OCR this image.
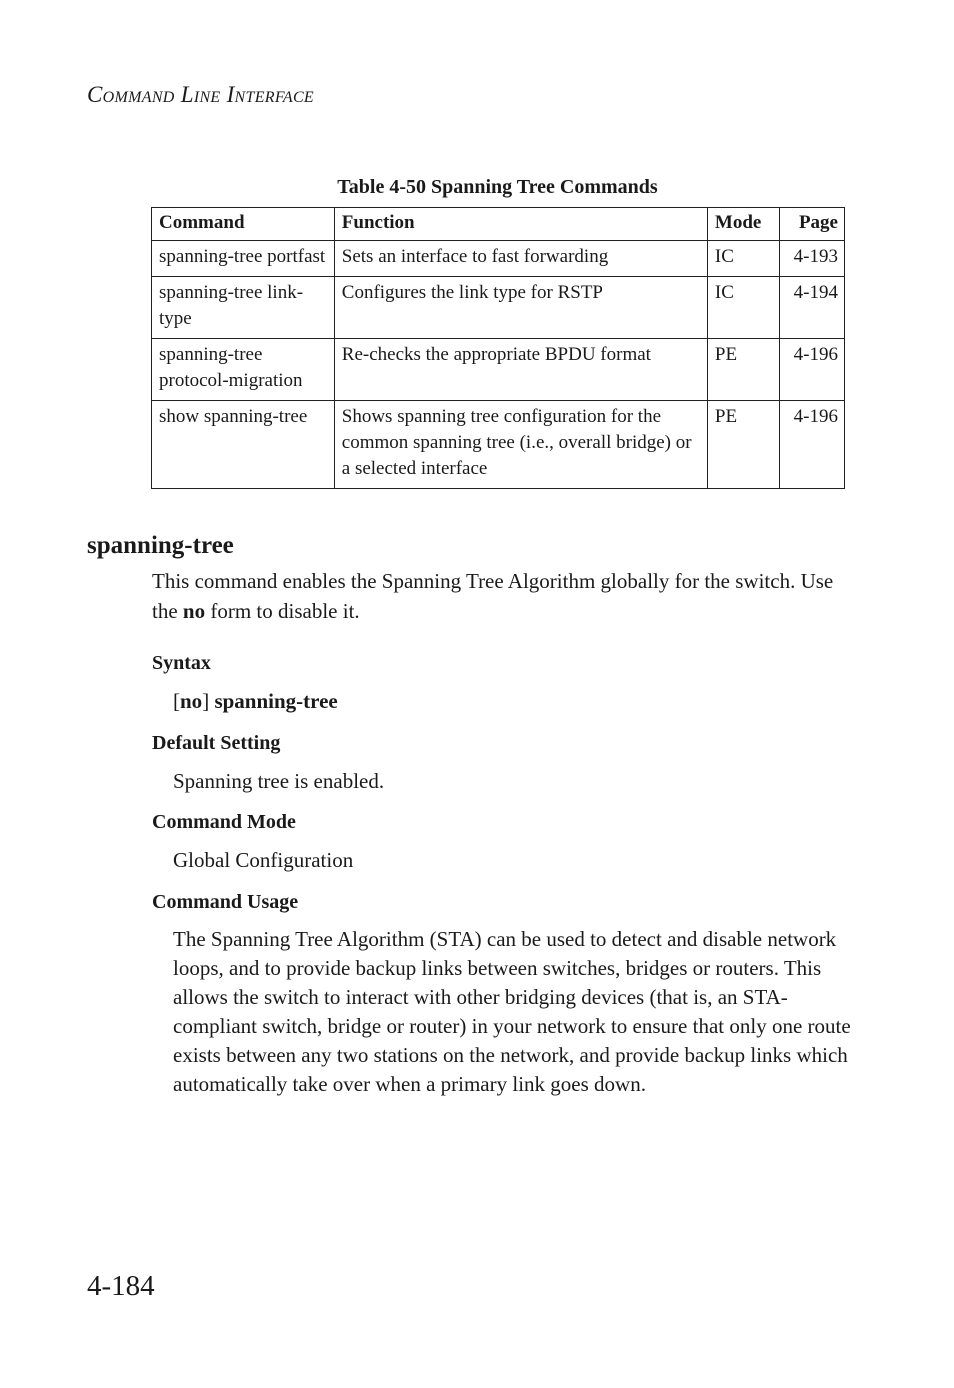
COMMAND LINE INTERFACE
Table 4-50 Spanning Tree Commands
Command	Function	Mode	Page
spanning-tree portfast	Sets an interface to fast forwarding	IC	4-193
spanning-tree link-type	Configures the link type for RSTP	IC	4-194
spanning-tree protocol-migration	Re-checks the appropriate BPDU format	PE	4-196
show spanning-tree	Shows spanning tree configuration for the common spanning tree (i.e., overall bridge) or a selected interface	PE	4-196
spanning-tree
This command enables the Spanning Tree Algorithm globally for the switch. Use the no form to disable it.
Syntax
[no] spanning-tree
Default Setting
Spanning tree is enabled.
Command Mode
Global Configuration
Command Usage
The Spanning Tree Algorithm (STA) can be used to detect and disable network loops, and to provide backup links between switches, bridges or routers. This allows the switch to interact with other bridging devices (that is, an STA-compliant switch, bridge or router) in your network to ensure that only one route exists between any two stations on the network, and provide backup links which automatically take over when a primary link goes down.
4-184
